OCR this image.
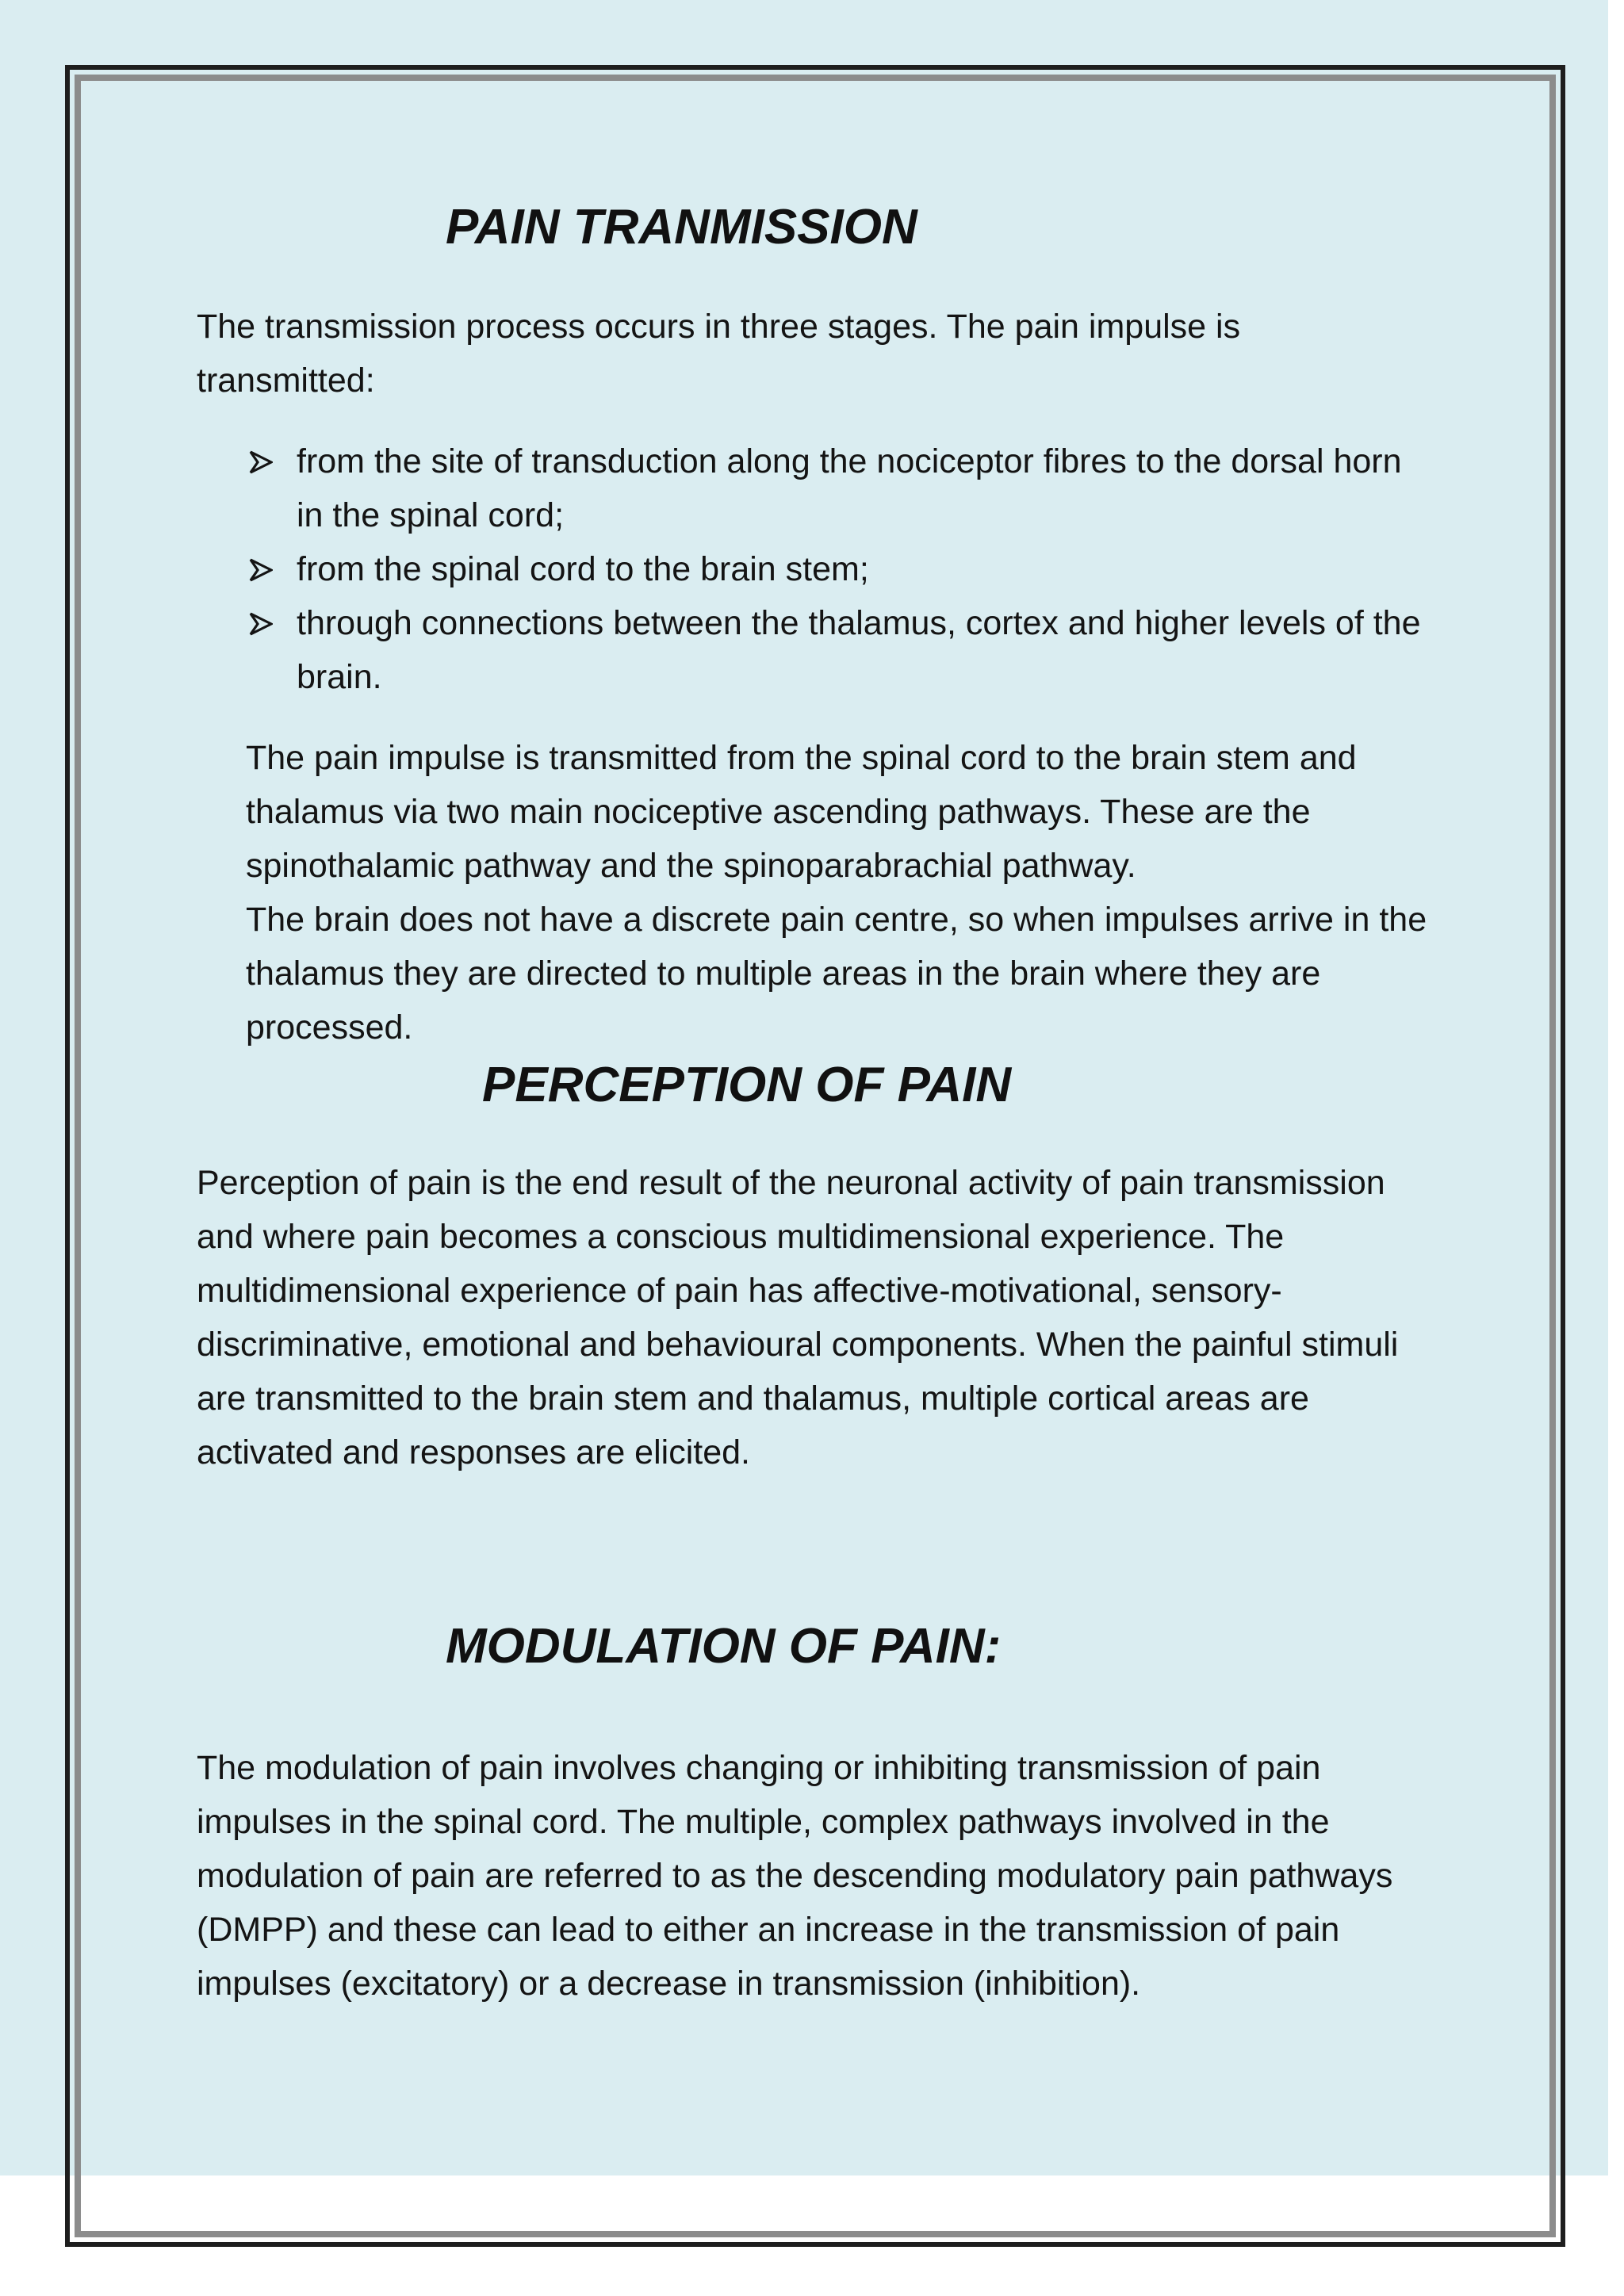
PAIN TRANMISSION

The transmission process occurs in three stages. The pain impulse is transmitted:

from the site of transduction along the nociceptor fibres to the dorsal horn in the spinal cord;
from the spinal cord to the brain stem;
through connections between the thalamus, cortex and higher levels of the brain.

The pain impulse is transmitted from the spinal cord to the brain stem and thalamus via two main nociceptive ascending pathways. These are the spinothalamic pathway and the spinoparabrachial pathway.

The brain does not have a discrete pain centre, so when impulses arrive in the thalamus they are directed to multiple areas in the brain where they are processed.

PERCEPTION OF PAIN

Perception of pain is the end result of the neuronal activity of pain transmission and where pain becomes a conscious multidimensional experience. The multidimensional experience of pain has affective-motivational, sensory-discriminative, emotional and behavioural components. When the painful stimuli are transmitted to the brain stem and thalamus, multiple cortical areas are activated and responses are elicited.

MODULATION OF PAIN:

The modulation of pain involves changing or inhibiting transmission of pain impulses in the spinal cord. The multiple, complex pathways involved in the modulation of pain are referred to as the descending modulatory pain pathways (DMPP) and these can lead to either an increase in the transmission of pain impulses (excitatory) or a decrease in transmission (inhibition).
